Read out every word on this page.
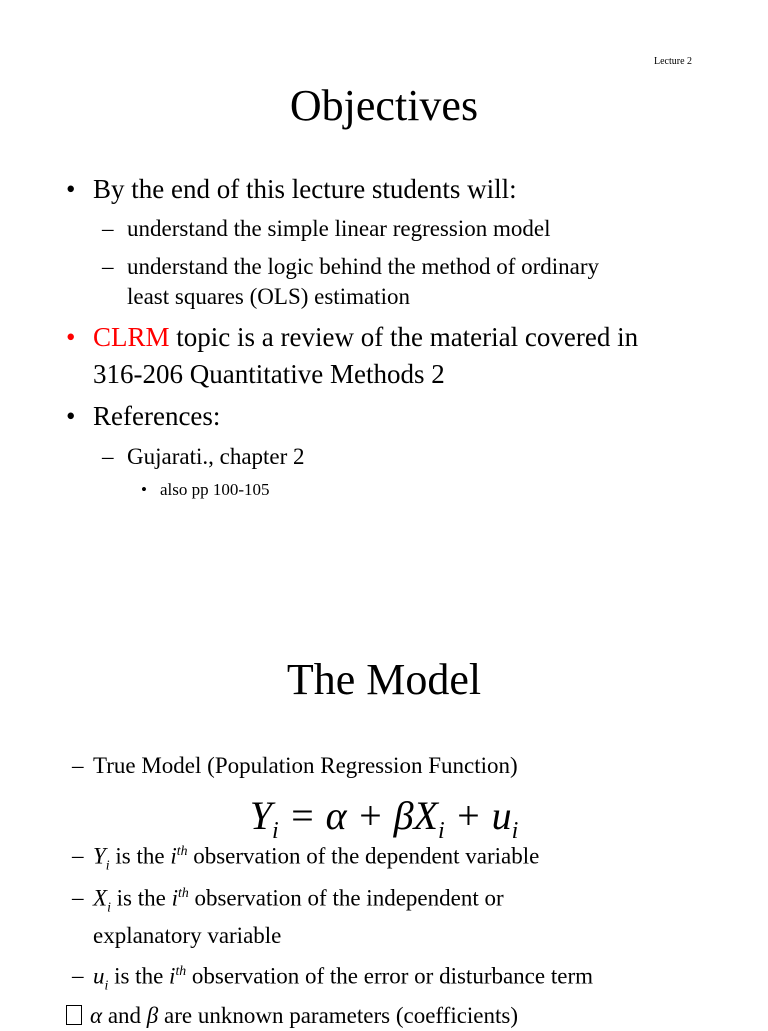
Lecture 2
Objectives
• By the end of this lecture students will:
– understand the simple linear regression model
– understand the logic behind the method of ordinary
least squares (OLS) estimation
• CLRM topic is a review of the material covered in
316-206 Quantitative Methods 2
• References:
– Gujarati., chapter 2
• also pp 100-105
The Model
– True Model (Population Regression Function)
$Y_i = \alpha + \beta X_i + u_i$
– $Y_i$ is the $i^{th}$ observation of the dependent variable
– $X_i$ is the $i^{th}$ observation of the independent or
explanatory variable
– $u_i$ is the $i^{th}$ observation of the error or disturbance term
α and β are unknown parameters (coefficients)
